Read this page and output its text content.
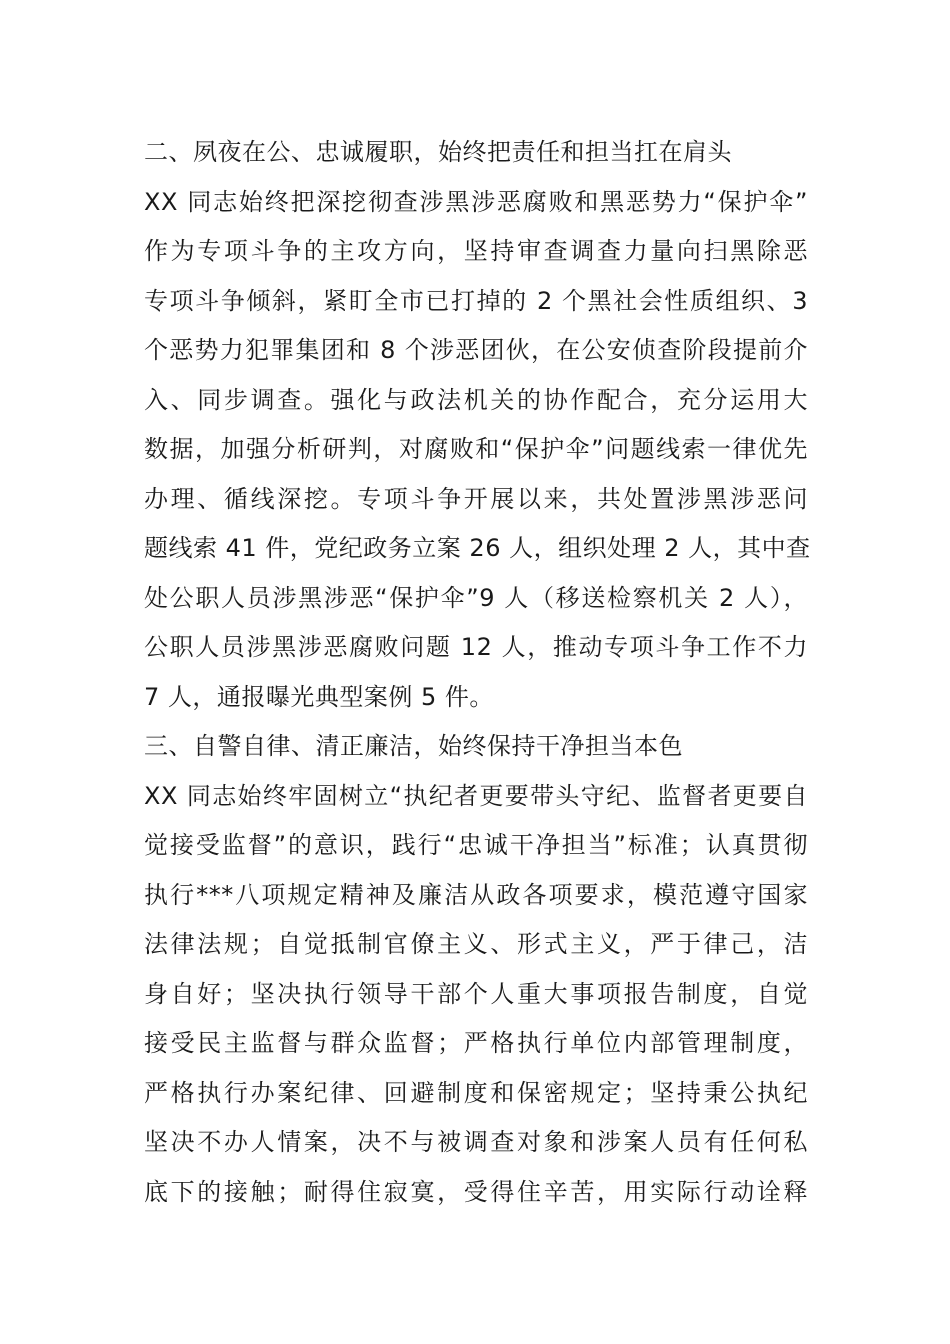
二、夙夜在公、忠诚履职，始终把责任和担当扛在肩头
XX 同志始终把深挖彻查涉黑涉恶腐败和黑恶势力“保护伞”
作为专项斗争的主攻方向，坚持审查调查力量向扫黑除恶
专项斗争倾斜，紧盯全市已打掉的 2 个黑社会性质组织、3
个恶势力犯罪集团和 8 个涉恶团伙，在公安侦查阶段提前介
入、同步调查。强化与政法机关的协作配合，充分运用大
数据，加强分析研判，对腐败和“保护伞”问题线索一律优先
办理、循线深挖。专项斗争开展以来，共处置涉黑涉恶问
题线索 41 件，党纪政务立案 26 人，组织处理 2 人，其中查
处公职人员涉黑涉恶“保护伞”9 人（移送检察机关 2 人），
公职人员涉黑涉恶腐败问题 12 人，推动专项斗争工作不力
7 人，通报曝光典型案例 5 件。
三、自警自律、清正廉洁，始终保持干净担当本色
XX 同志始终牢固树立“执纪者更要带头守纪、监督者更要自
觉接受监督”的意识，践行“忠诚干净担当”标准；认真贯彻
执行***八项规定精神及廉洁从政各项要求，模范遵守国家
法律法规；自觉抵制官僚主义、形式主义，严于律己，洁
身自好；坚决执行领导干部个人重大事项报告制度，自觉
接受民主监督与群众监督；严格执行单位内部管理制度，
严格执行办案纪律、回避制度和保密规定；坚持秉公执纪
坚决不办人情案，决不与被调查对象和涉案人员有任何私
底下的接触；耐得住寂寞，受得住辛苦，用实际行动诠释
